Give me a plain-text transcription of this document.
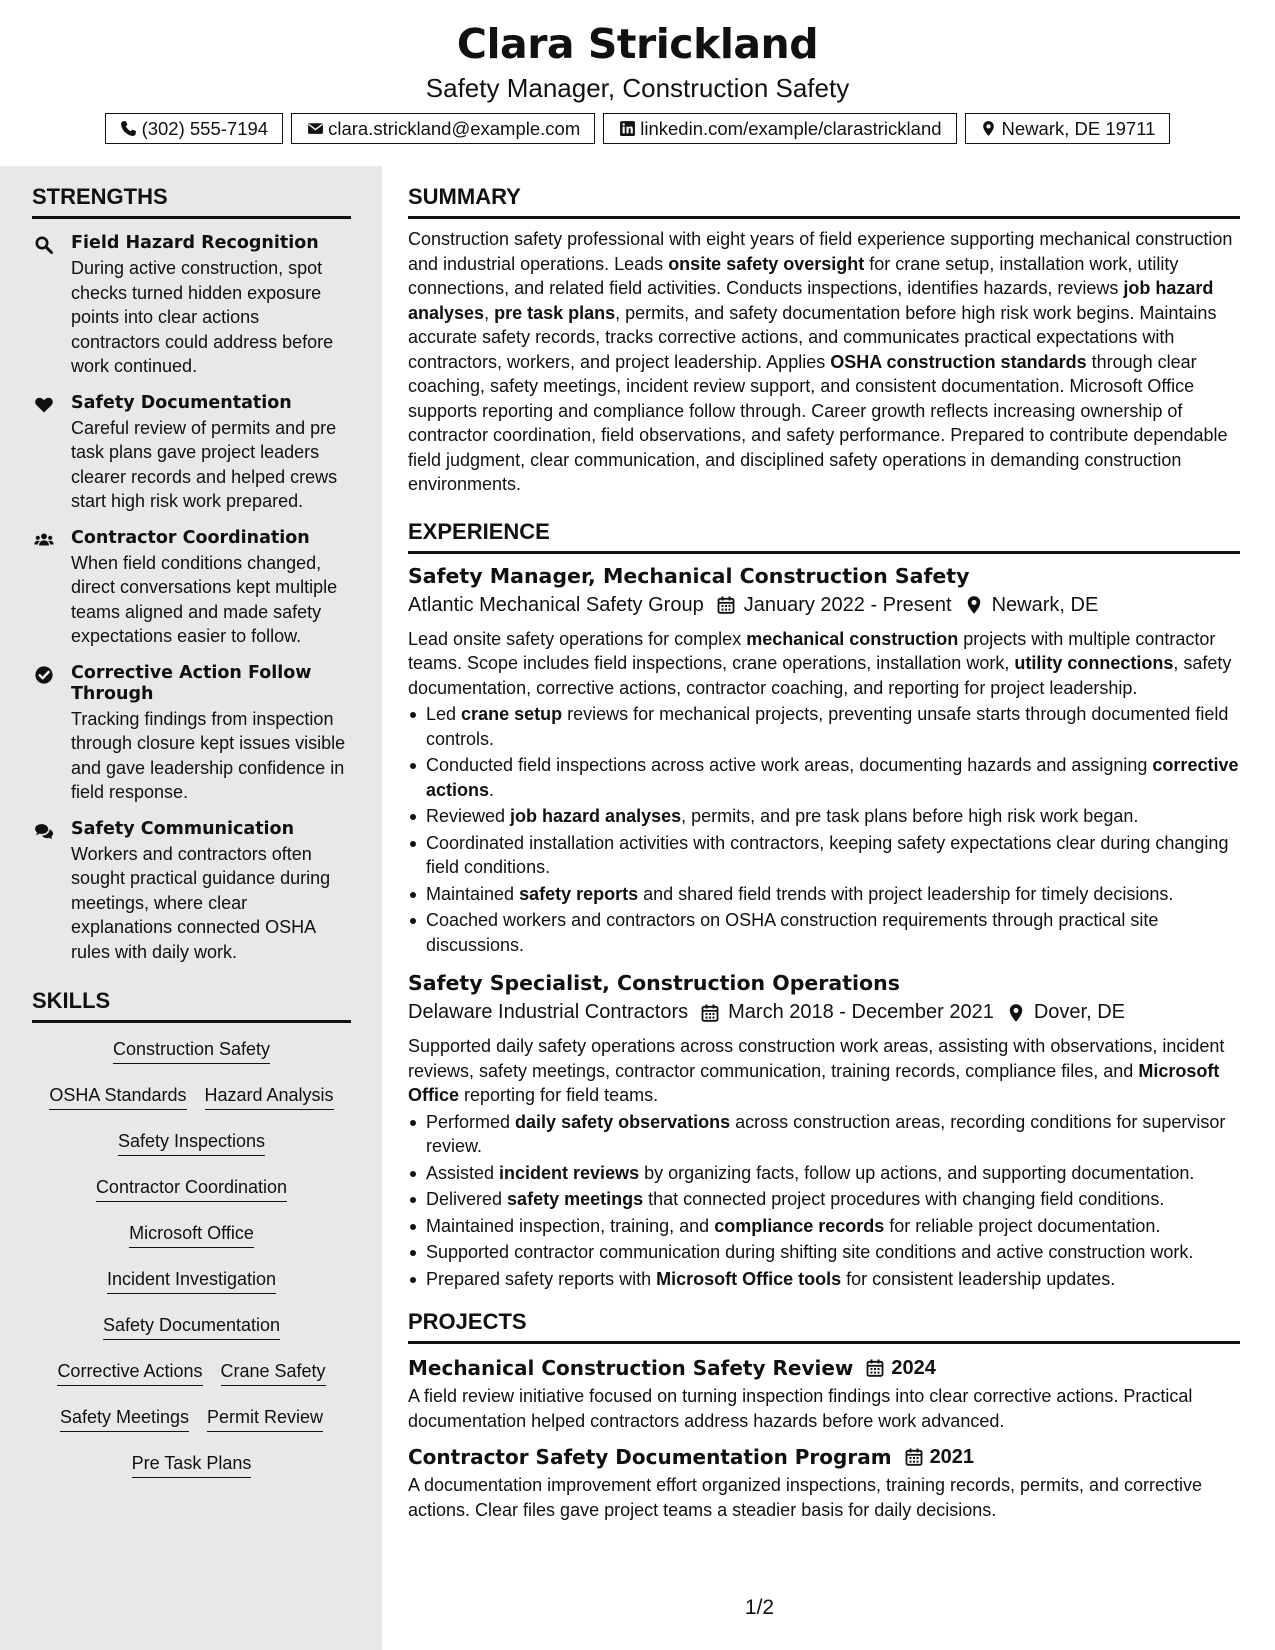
Clara Strickland
Safety Manager, Construction Safety
(302) 555-7194	clara.strickland@example.com	linkedin.com/example/clarastrickland	Newark, DE 19711
STRENGTHS
Field Hazard Recognition
During active construction, spot checks turned hidden exposure points into clear actions contractors could address before work continued.
Safety Documentation
Careful review of permits and pre task plans gave project leaders clearer records and helped crews start high risk work prepared.
Contractor Coordination
When field conditions changed, direct conversations kept multiple teams aligned and made safety expectations easier to follow.
Corrective Action Follow Through
Tracking findings from inspection through closure kept issues visible and gave leadership confidence in field response.
Safety Communication
Workers and contractors often sought practical guidance during meetings, where clear explanations connected OSHA rules with daily work.
SKILLS
Construction Safety
OSHA Standards Hazard Analysis
Safety Inspections
Contractor Coordination
Microsoft Office
Incident Investigation
Safety Documentation
Corrective Actions Crane Safety
Safety Meetings Permit Review
Pre Task Plans
SUMMARY
Construction safety professional with eight years of field experience supporting mechanical construction and industrial operations. Leads onsite safety oversight for crane setup, installation work, utility connections, and related field activities. Conducts inspections, identifies hazards, reviews job hazard analyses, pre task plans, permits, and safety documentation before high risk work begins. Maintains accurate safety records, tracks corrective actions, and communicates practical expectations with contractors, workers, and project leadership. Applies OSHA construction standards through clear coaching, safety meetings, incident review support, and consistent documentation. Microsoft Office supports reporting and compliance follow through. Career growth reflects increasing ownership of contractor coordination, field observations, and safety performance. Prepared to contribute dependable field judgment, clear communication, and disciplined safety operations in demanding construction environments.
EXPERIENCE
Safety Manager, Mechanical Construction Safety
Atlantic Mechanical Safety Group January 2022 - Present Newark, DE
Lead onsite safety operations for complex mechanical construction projects with multiple contractor teams. Scope includes field inspections, crane operations, installation work, utility connections, safety documentation, corrective actions, contractor coaching, and reporting for project leadership.
Led crane setup reviews for mechanical projects, preventing unsafe starts through documented field controls.
Conducted field inspections across active work areas, documenting hazards and assigning corrective actions.
Reviewed job hazard analyses, permits, and pre task plans before high risk work began.
Coordinated installation activities with contractors, keeping safety expectations clear during changing field conditions.
Maintained safety reports and shared field trends with project leadership for timely decisions.
Coached workers and contractors on OSHA construction requirements through practical site discussions.
Safety Specialist, Construction Operations
Delaware Industrial Contractors March 2018 - December 2021 Dover, DE
Supported daily safety operations across construction work areas, assisting with observations, incident reviews, safety meetings, contractor communication, training records, compliance files, and Microsoft Office reporting for field teams.
Performed daily safety observations across construction areas, recording conditions for supervisor review.
Assisted incident reviews by organizing facts, follow up actions, and supporting documentation.
Delivered safety meetings that connected project procedures with changing field conditions.
Maintained inspection, training, and compliance records for reliable project documentation.
Supported contractor communication during shifting site conditions and active construction work.
Prepared safety reports with Microsoft Office tools for consistent leadership updates.
PROJECTS
Mechanical Construction Safety Review 2024
A field review initiative focused on turning inspection findings into clear corrective actions. Practical documentation helped contractors address hazards before work advanced.
Contractor Safety Documentation Program 2021
A documentation improvement effort organized inspections, training records, permits, and corrective actions. Clear files gave project teams a steadier basis for daily decisions.
1/2
